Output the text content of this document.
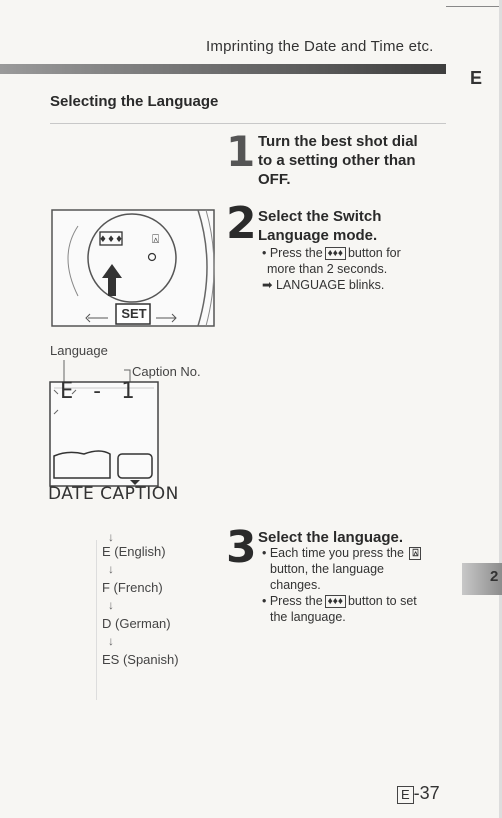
Imprinting the Date and Time etc.
E
Selecting the Language
1 Turn the best shot dial
to a setting other than
OFF.
♦♦♦ ⍓
SET
2 Select the Switch
Language mode.
• Press the ♦♦♦ button for
more than 2 seconds.
➡ LANGUAGE blinks.
Language
Caption No.
E - 1
DATE CAPTION
↓
E (English)
↓
F (French)
↓
D (German)
↓
ES (Spanish)
3 Select the language.
• Each time you press the ⍓
button, the language
changes.
• Press the ♦♦♦ button to set
the language.
2
E -37
